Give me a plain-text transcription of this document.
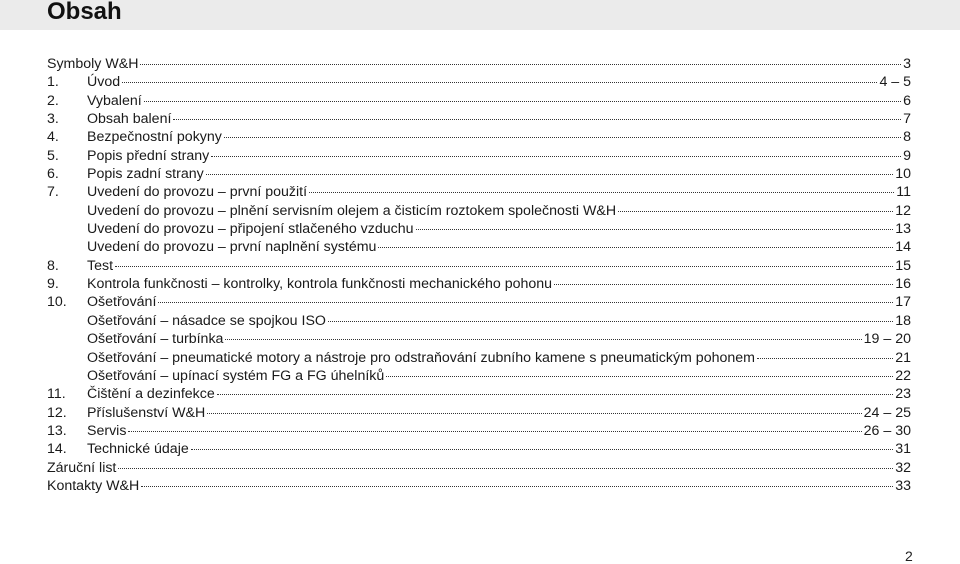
Obsah
Symboly W&H	3
1.	Úvod	4 – 5
2.	Vybalení	6
3.	Obsah balení	7
4.	Bezpečnostní pokyny	8
5.	Popis přední strany	9
6.	Popis zadní strany	10
7.	Uvedení do provozu – první použití	11
Uvedení do provozu – plnění servisním olejem a čisticím roztokem společnosti W&H	12
Uvedení do provozu – připojení stlačeného vzduchu	13
Uvedení do provozu – první naplnění systému	14
8.	Test	15
9.	Kontrola funkčnosti – kontrolky, kontrola funkčnosti mechanického pohonu	16
10.	Ošetřování	17
Ošetřování – násadce se spojkou ISO	18
Ošetřování – turbínka	19 – 20
Ošetřování – pneumatické motory a nástroje pro odstraňování zubního kamene s pneumatickým pohonem	21
Ošetřování – upínací systém FG a FG úhelníků	22
11.	Čištění a dezinfekce	23
12.	Příslušenství W&H	24 – 25
13.	Servis	26 – 30
14.	Technické údaje	31
Záruční list	32
Kontakty W&H	33
2
